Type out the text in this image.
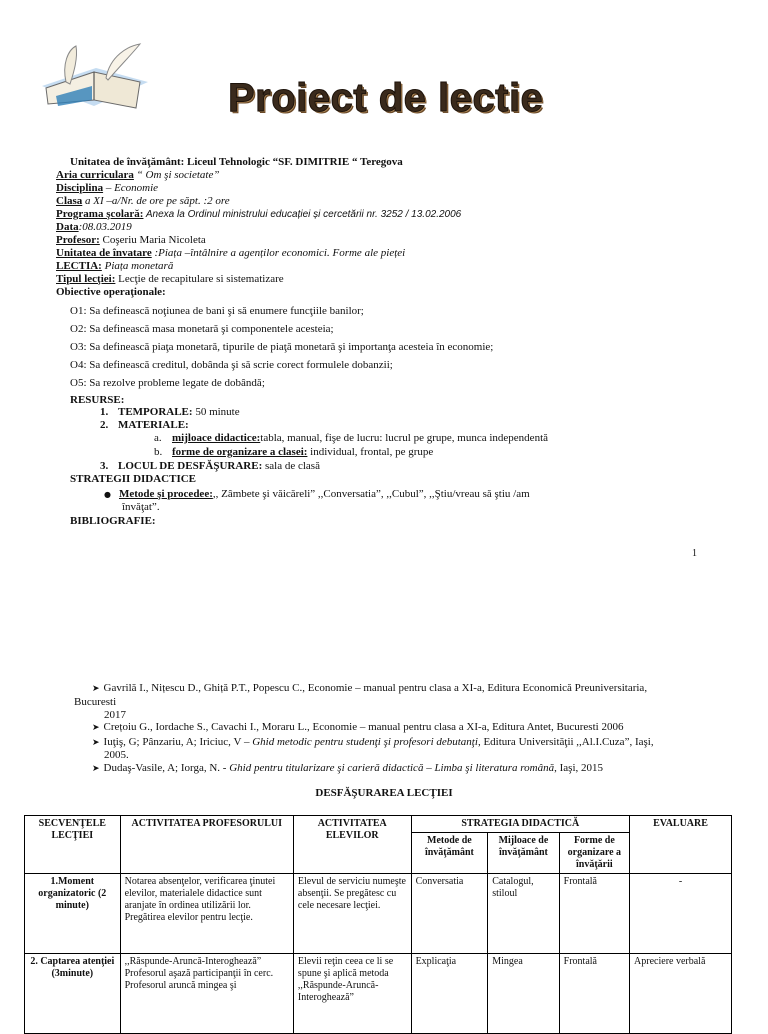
Proiect de lectie
Unitatea de învăţământ: Liceul Tehnologic “SF. DIMITRIE “ Teregova
Aria curriculara “ Om şi societate”
Disciplina – Economie
Clasa a XI –a/Nr. de ore pe săpt. :2 ore
Programa şcolară: Anexa la Ordinul ministrului educației și cercetării nr. 3252 / 13.02.2006
Data:08.03.2019
Profesor: Coşeriu Maria Nicoleta
Unitatea de învatare :Piața –întâlnire a agenților economici. Forme ale pieței
LECTIA: Piața monetară
Tipul lecţiei: Lecţie de recapitulare si sistematizare
Obiective operaţionale:
O1: Sa definească noţiunea de bani şi să enumere funcţiile banilor;
O2: Sa definească masa monetară şi componentele acesteia;
O3: Sa definească piaţa monetară, tipurile de piaţă monetară şi importanţa acesteia în economie;
O4: Sa definească creditul, dobânda şi să scrie corect formulele dobanzii;
O5: Sa rezolve probleme legate de dobândă;
RESURSE:
1. TEMPORALE: 50 minute
2. MATERIALE:
a. mijloace didactice:tabla, manual, fişe de lucru: lucrul pe grupe, munca independentă
b. forme de organizare a clasei: individual, frontal, pe grupe
3. LOCUL DE DESFĂŞURARE: sala de clasă
STRATEGII DIDACTICE
● Metode şi procedee:,, Zâmbete şi văicăreli” ,,Conversatia”, ,,Cubul”, ,,Ştiu/vreau să ştiu /am
învăţat”.
BIBLIOGRAFIE:
1
➤ Gavrilă I., Nițescu D., Ghiță P.T., Popescu C., Economie – manual pentru clasa a XI-a, Editura Economică Preuniversitaria,
Bucuresti
2017
➤ Crețoiu G., Iordache S., Cavachi I., Moraru L., Economie – manual pentru clasa a XI-a, Editura Antet, Bucuresti 2006
➤ Iuţiş, G; Pânzariu, A; Iriciuc, V – Ghid metodic pentru studenţi şi profesori debutanţi, Editura Universităţii ,,Al.I.Cuza”, Iaşi,
2005.
➤ Dudaş-Vasile, A; Iorga, N. - Ghid pentru titularizare şi carieră didactică – Limba şi literatura română, Iaşi, 2015
DESFĂŞURAREA LECŢIEI
SECVENŢELE LECŢIEI	ACTIVITATEA PROFESORULUI	ACTIVITATEA ELEVILOR	STRATEGIA DIDACTICĂ			EVALUARE
			Metode de învăţământ	Mijloace de învăţământ	Forme de organizare a învăţării	
1.Moment organizatoric (2 minute)	Notarea absenţelor, verificarea ţinutei elevilor, materialele didactice sunt aranjate în ordinea utilizării lor. Pregătirea elevilor pentru lecţie.	Elevul de serviciu numeşte absenţii. Se pregătesc cu cele necesare lecţiei.	Conversatia	Catalogul, stiloul	Frontală	-
2. Captarea atenţiei (3minute)	,,Răspunde-Aruncă-Interoghează” Profesorul aşază participanţii în cerc. Profesorul aruncă mingea şi	Elevii reţin ceea ce li se spune şi aplică metoda ,,Răspunde-Aruncă-Interoghează”	Explicaţia	Mingea	Frontală	Apreciere verbală
